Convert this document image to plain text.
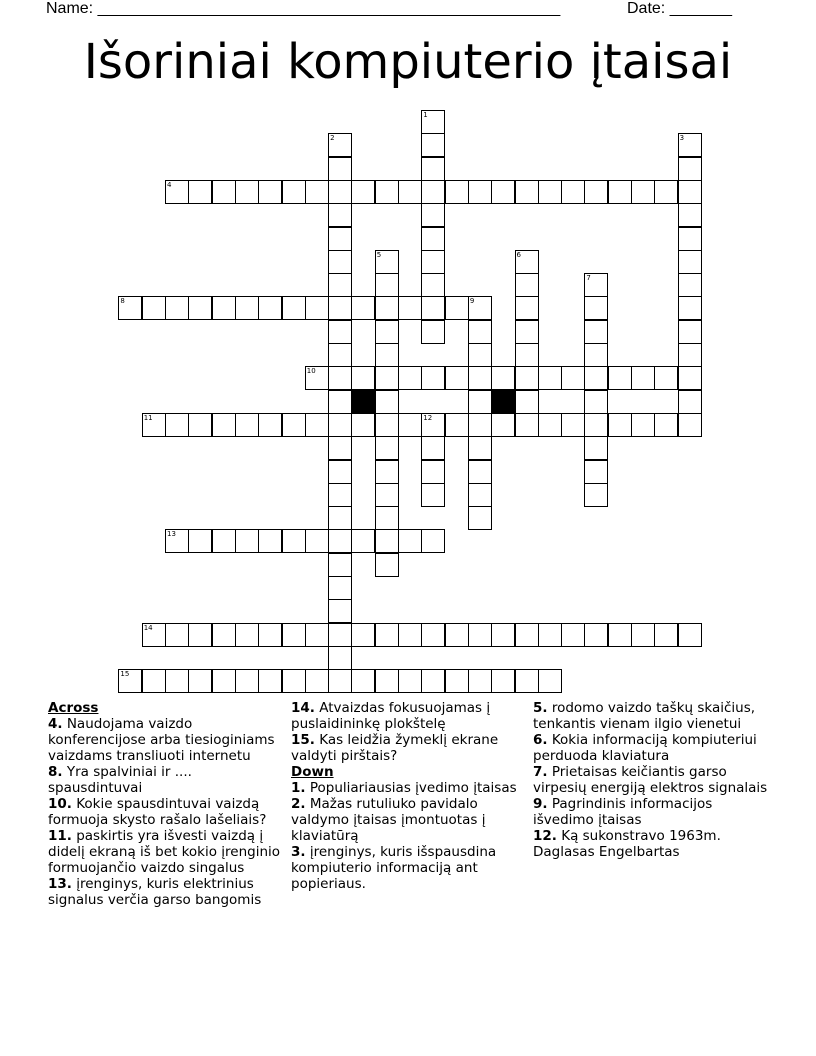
Name: ____________________________________________________	Date: _______
Išoriniai kompiuterio įtaisai
4
8	9
10
11	12
13
14
15
1
2	3
5	6
7

Across

4. Naudojama vaizdo konferencijose arba tiesioginiams vaizdams transliuoti internetu

8. Yra spalviniai ir .... spausdintuvai

10. Kokie spausdintuvai vaizdą formuoja skysto rašalo lašeliais?

11. paskirtis yra išvesti vaizdą į didelį ekraną iš bet kokio įrenginio formuojančio vaizdo singalus

13. įrenginys, kuris elektrinius signalus verčia garso bangomis

14. Atvaizdas fokusuojamas į puslaidininkę plokštelę

15. Kas leidžia žymeklį ekrane valdyti pirštais?

Down

1. Populiariausias įvedimo įtaisas

2. Mažas rutuliuko pavidalo valdymo įtaisas įmontuotas į klaviatūrą

3. įrenginys, kuris išspausdina kompiuterio informaciją ant popieriaus.

5. rodomo vaizdo taškų skaičius, tenkantis vienam ilgio vienetui

6. Kokia informaciją kompiuteriui perduoda klaviatura

7. Prietaisas keičiantis garso virpesių energiją elektros signalais

9. Pagrindinis informacijos išvedimo įtaisas

12. Ką sukonstravo 1963m. Daglasas Engelbartas
